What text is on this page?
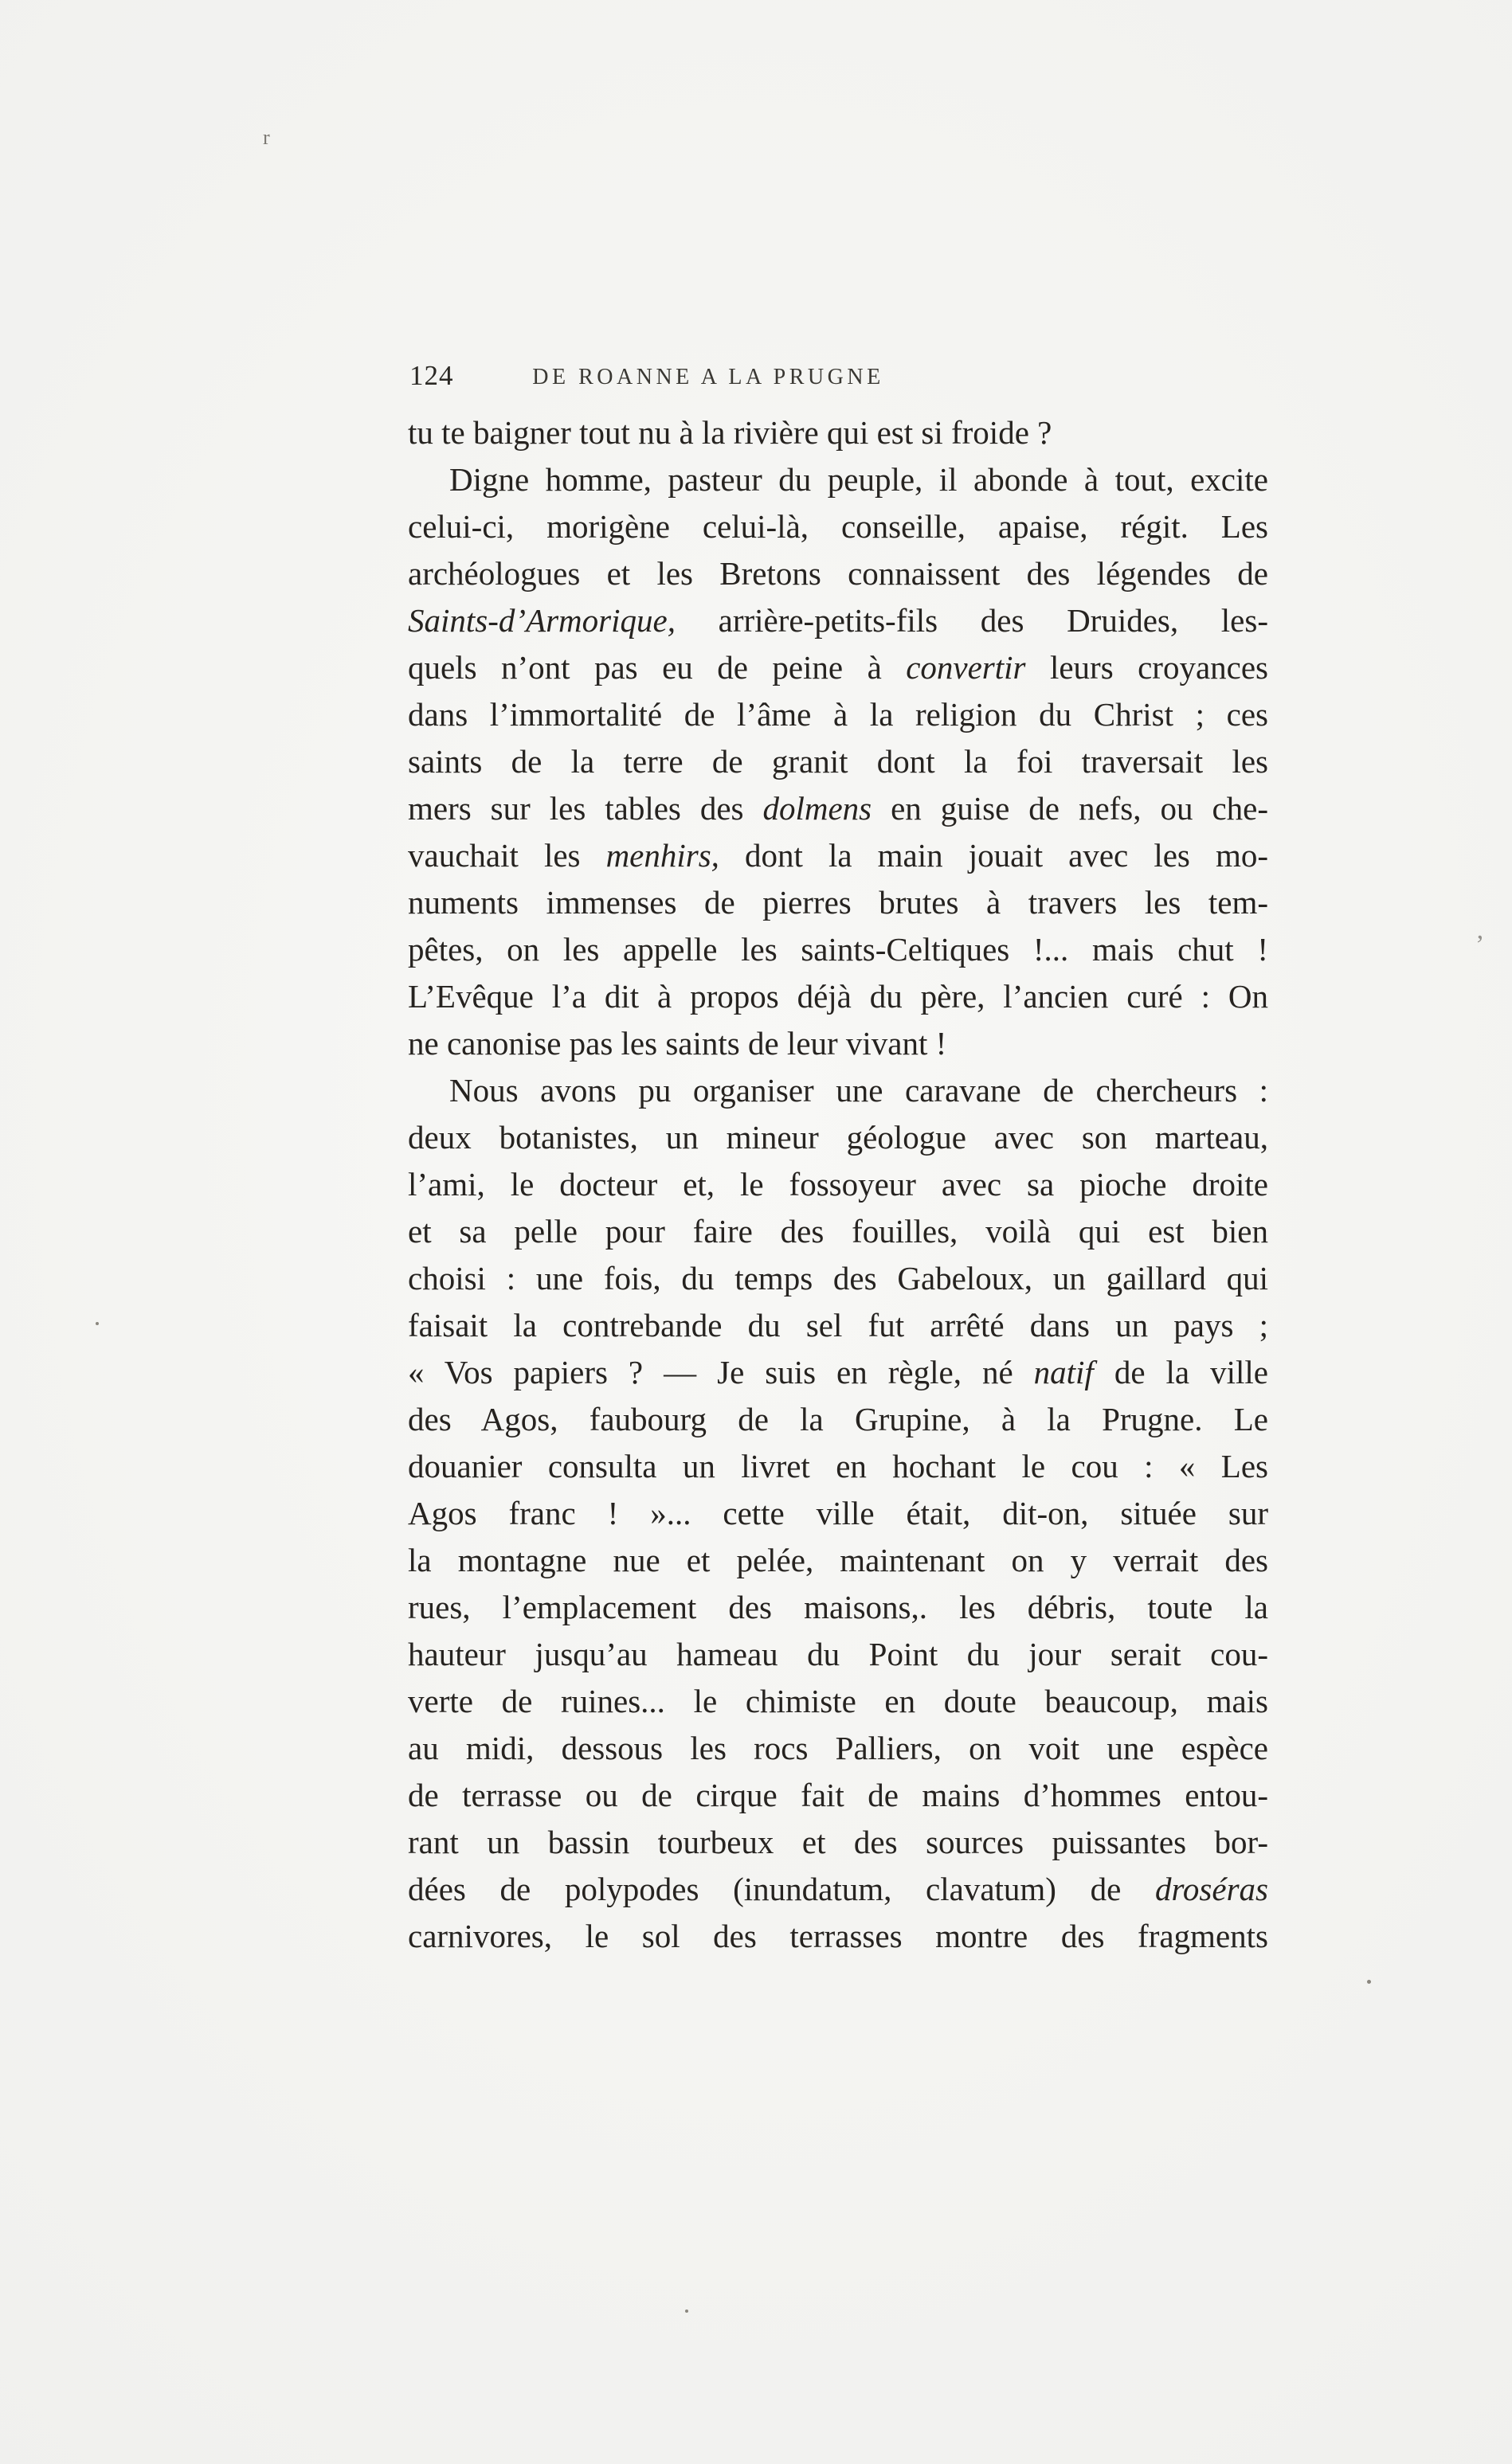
r
’
124	DE ROANNE A LA PRUGNE
tu te baigner tout nu à la rivière qui est si froide ?
Digne homme, pasteur du peuple, il abonde à tout, excite
celui-ci, morigène celui-là, conseille, apaise, régit. Les
archéologues et les Bretons connaissent des légendes de
Saints-d’Armorique, arrière-petits-fils des Druides, les-
quels n’ont pas eu de peine à convertir leurs croyances
dans l’immortalité de l’âme à la religion du Christ ; ces
saints de la terre de granit dont la foi traversait les
mers sur les tables des dolmens en guise de nefs, ou che-
vauchait les menhirs, dont la main jouait avec les mo-
numents immenses de pierres brutes à travers les tem-
pêtes, on les appelle les saints-Celtiques !... mais chut !
L’Evêque l’a dit à propos déjà du père, l’ancien curé : On
ne canonise pas les saints de leur vivant !
Nous avons pu organiser une caravane de chercheurs :
deux botanistes, un mineur géologue avec son marteau,
l’ami, le docteur et, le fossoyeur avec sa pioche droite
et sa pelle pour faire des fouilles, voilà qui est bien
choisi : une fois, du temps des Gabeloux, un gaillard qui
faisait la contrebande du sel fut arrêté dans un pays ;
« Vos papiers ? — Je suis en règle, né natif de la ville
des Agos, faubourg de la Grupine, à la Prugne. Le
douanier consulta un livret en hochant le cou : « Les
Agos franc ! »... cette ville était, dit-on, située sur
la montagne nue et pelée, maintenant on y verrait des
rues, l’emplacement des maisons,. les débris, toute la
hauteur jusqu’au hameau du Point du jour serait cou-
verte de ruines... le chimiste en doute beaucoup, mais
au midi, dessous les rocs Palliers, on voit une espèce
de terrasse ou de cirque fait de mains d’hommes entou-
rant un bassin tourbeux et des sources puissantes bor-
dées de polypodes (inundatum, clavatum) de droséras
carnivores, le sol des terrasses montre des fragments
